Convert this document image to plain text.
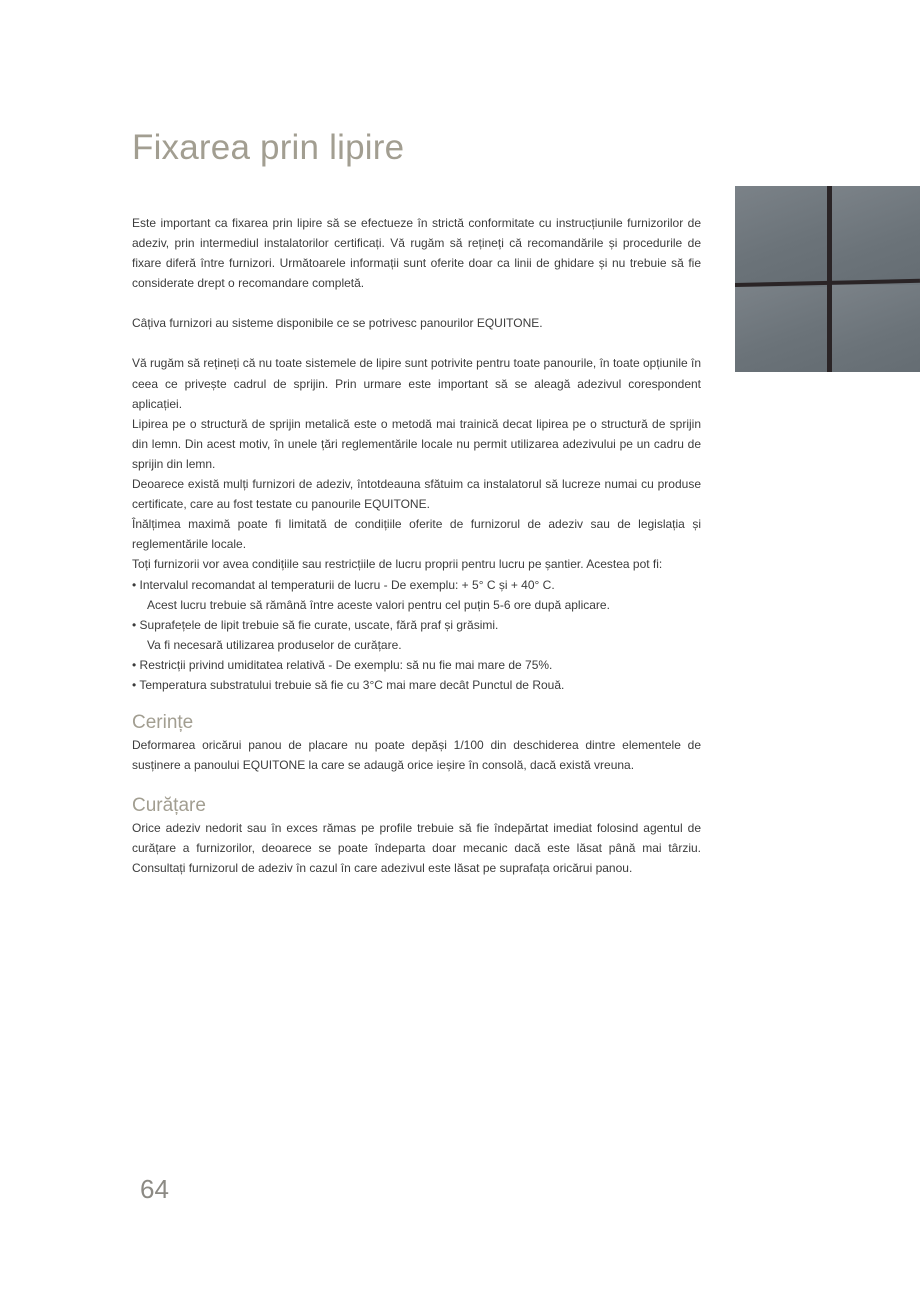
Fixarea prin lipire

Este important ca fixarea prin lipire să se efectueze în strictă conformitate cu instrucțiunile furnizorilor de adeziv, prin intermediul instalatorilor certificați. Vă rugăm să rețineți că recomandările și procedurile de fixare diferă între furnizori. Următoarele informații sunt oferite doar ca linii de ghidare și nu trebuie să fie considerate drept o recomandare completă.

Câțiva furnizori au sisteme disponibile ce se potrivesc panourilor EQUITONE.

Vă rugăm să rețineți că nu toate sistemele de lipire sunt potrivite pentru toate panourile, în toate opțiunile în ceea ce privește cadrul de sprijin. Prin urmare este important să se aleagă adezivul corespondent aplicației.

Lipirea pe o structură de sprijin metalică este o metodă mai trainică decat lipirea pe o structură de sprijin din lemn. Din acest motiv, în unele țări reglementările locale nu permit utilizarea adezivului pe un cadru de sprijin din lemn.

Deoarece există mulți furnizori de adeziv, întotdeauna sfătuim ca instalatorul să lucreze numai cu produse certificate, care au fost testate cu panourile EQUITONE.

Înălțimea maximă poate fi limitată de condițiile oferite de furnizorul de adeziv sau de legislația și reglementările locale.

Toți furnizorii vor avea condițiile sau restricțiile de lucru proprii pentru lucru pe șantier. Acestea pot fi:

• Intervalul recomandat al temperaturii de lucru - De exemplu: + 5° C și + 40° C.
Acest lucru trebuie să rămână între aceste valori pentru cel puțin 5-6 ore după aplicare.
• Suprafețele de lipit trebuie să fie curate, uscate, fără praf și grăsimi.
Va fi necesară utilizarea produselor de curățare.
• Restricții privind umiditatea relativă - De exemplu: să nu fie mai mare de 75%.
• Temperatura substratului trebuie să fie cu 3°C mai mare decât Punctul de Rouă.
Cerințe

Deformarea oricărui panou de placare nu poate depăși 1/100 din deschiderea dintre elementele de susținere a panoului EQUITONE la care se adaugă orice ieșire în consolă, dacă există vreuna.

Curățare

Orice adeziv nedorit sau în exces rămas pe profile trebuie să fie îndepărtat imediat folosind agentul de curățare a furnizorilor, deoarece se poate îndeparta doar mecanic dacă este lăsat până mai târziu. Consultați furnizorul de adeziv în cazul în care adezivul este lăsat pe suprafața oricărui panou.

64
